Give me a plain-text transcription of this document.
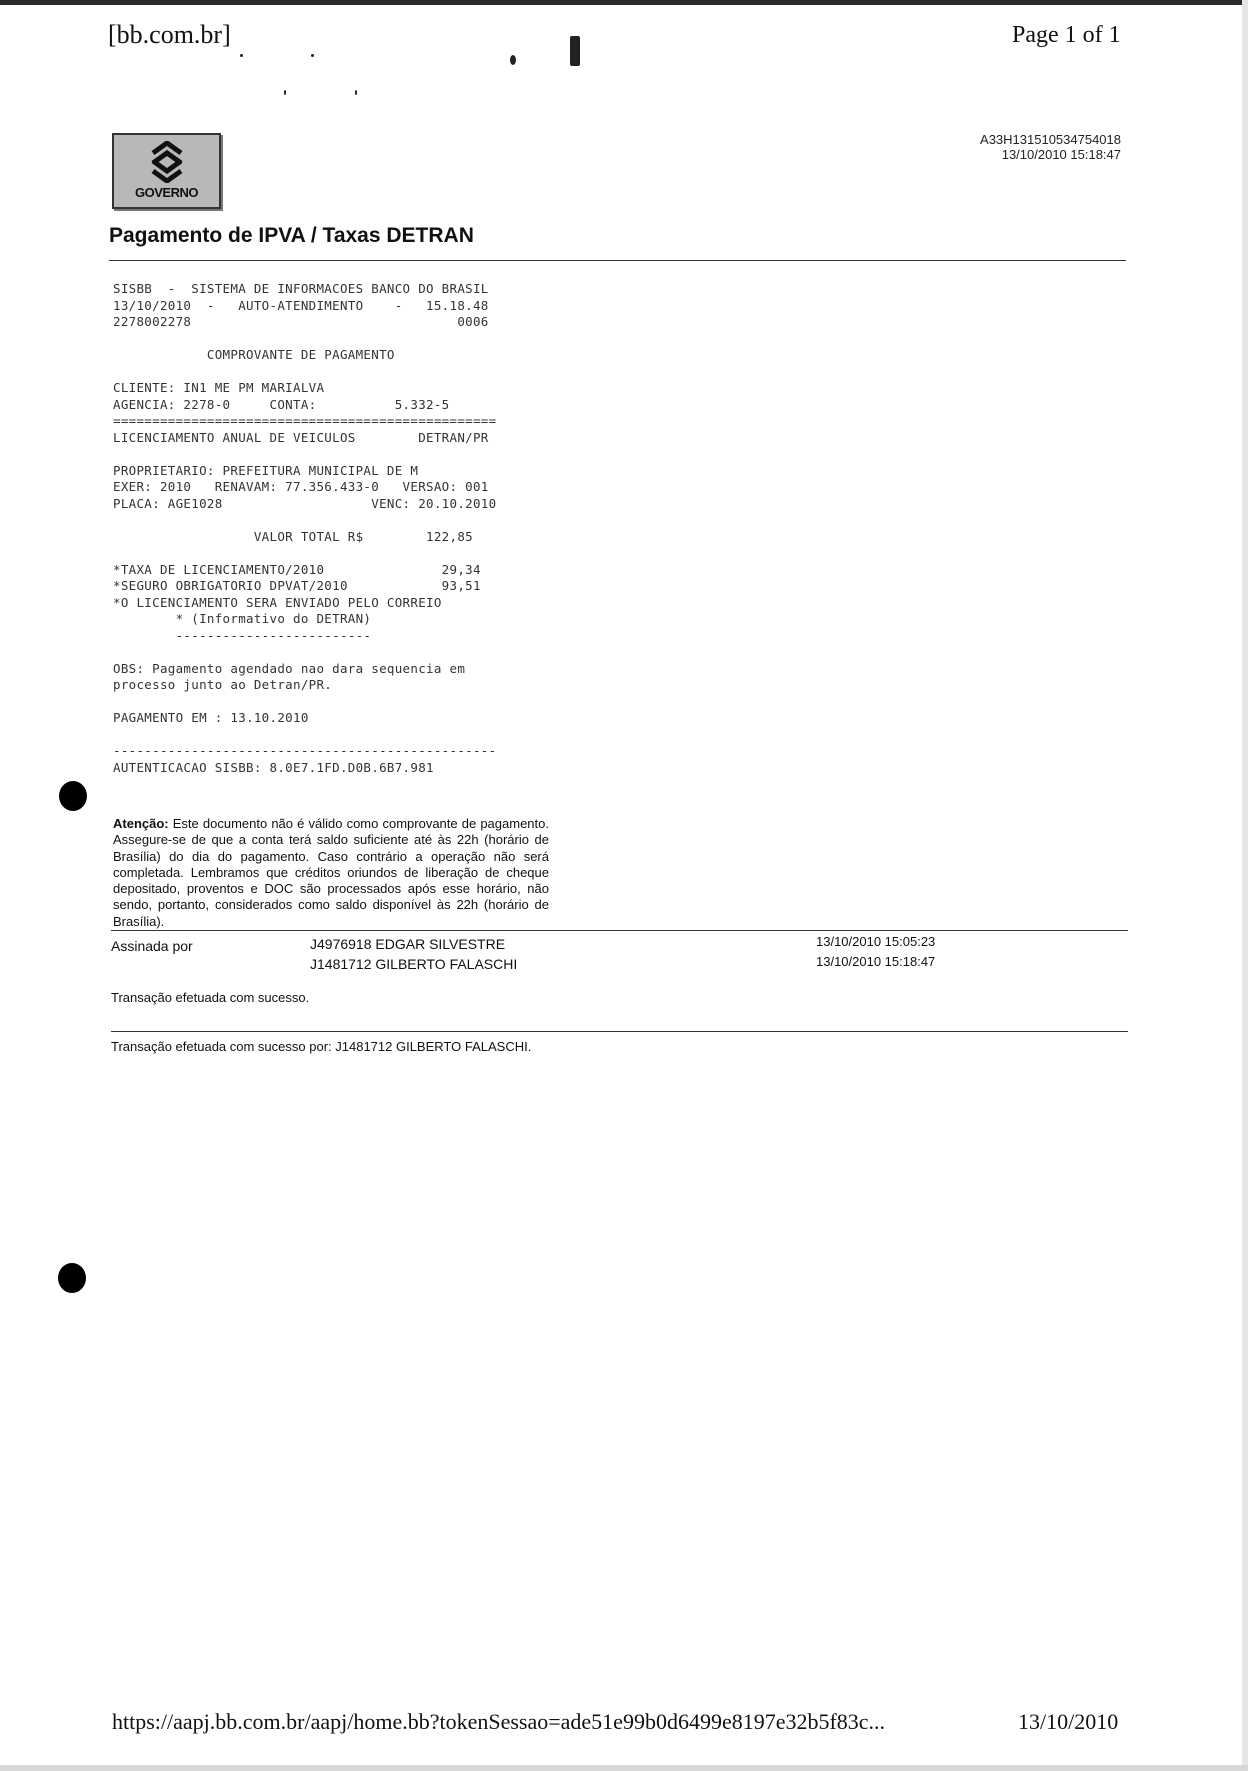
[bb.com.br]	Page 1 of 1
GOVERNO
A33H131510534754018
13/10/2010 15:18:47
Pagamento de IPVA / Taxas DETRAN
SISBB  -  SISTEMA DE INFORMACOES BANCO DO BRASIL
13/10/2010  -   AUTO-ATENDIMENTO    -   15.18.48
2278002278                                  0006
COMPROVANTE DE PAGAMENTO
CLIENTE: IN1 ME PM MARIALVA
AGENCIA: 2278-0     CONTA:          5.332-5
=================================================
LICENCIAMENTO ANUAL DE VEICULOS        DETRAN/PR
PROPRIETARIO: PREFEITURA MUNICIPAL DE M
EXER: 2010   RENAVAM: 77.356.433-0   VERSAO: 001
PLACA: AGE1028                   VENC: 20.10.2010
VALOR TOTAL R$        122,85
*TAXA DE LICENCIAMENTO/2010               29,34
*SEGURO OBRIGATORIO DPVAT/2010            93,51
*O LICENCIAMENTO SERA ENVIADO PELO CORREIO
* (Informativo do DETRAN)
-------------------------
OBS: Pagamento agendado nao dara sequencia em
processo junto ao Detran/PR.
PAGAMENTO EM : 13.10.2010
-------------------------------------------------
AUTENTICACAO SISBB: 8.0E7.1FD.D0B.6B7.981
Atenção: Este documento não é válido como comprovante de pagamento. Assegure-se de que a conta terá saldo suficiente até às 22h (horário de Brasília) do dia do pagamento. Caso contrário a operação não será completada. Lembramos que créditos oriundos de liberação de cheque depositado, proventos e DOC são processados após esse horário, não sendo, portanto, considerados como saldo disponível às 22h (horário de Brasília).
Assinada por	J4976918 EDGAR SILVESTRE	13/10/2010 15:05:23
J1481712 GILBERTO FALASCHI	13/10/2010 15:18:47
Transação efetuada com sucesso.
Transação efetuada com sucesso por: J1481712 GILBERTO FALASCHI.
https://aapj.bb.com.br/aapj/home.bb?tokenSessao=ade51e99b0d6499e8197e32b5f83c...	13/10/2010
